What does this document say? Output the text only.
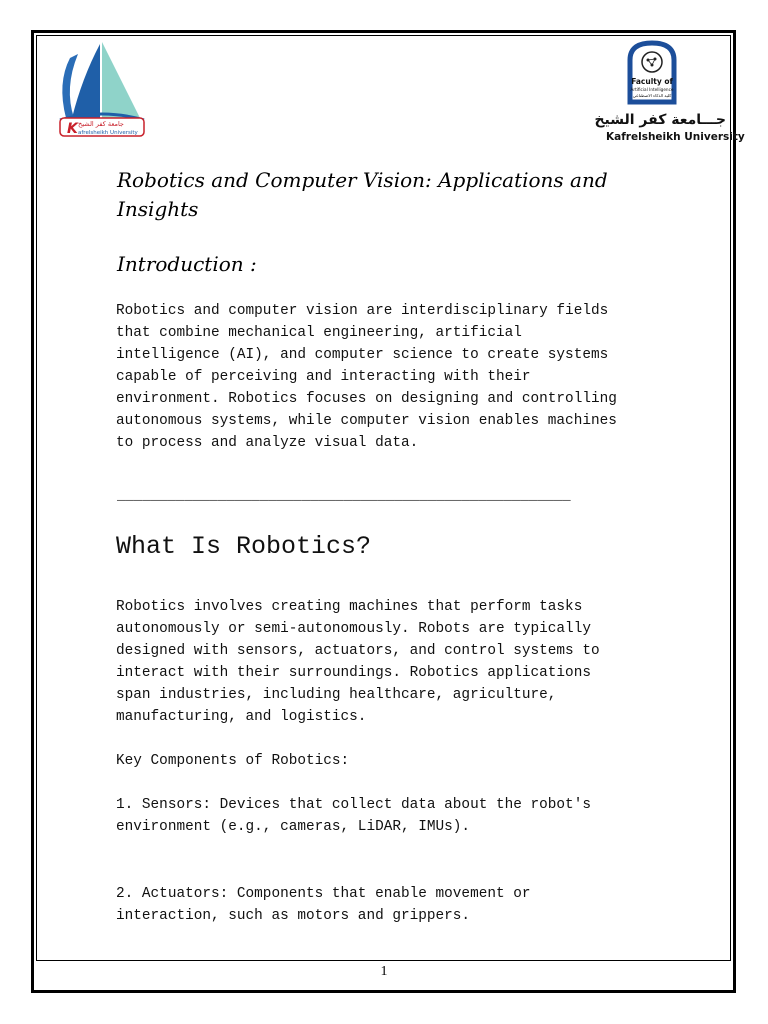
K جامعة كفر الشيخ
afrelsheikh University
Faculty of
Artificial Intelligence
كلية الذكاء الاصطناعي
جـــامعة كفر الشيخ
Kafrelsheikh University
Robotics and Computer Vision: Applications and Insights
Introduction :
Robotics and computer vision are interdisciplinary fields
that combine mechanical engineering, artificial
intelligence (AI), and computer science to create systems
capable of perceiving and interacting with their
environment. Robotics focuses on designing and controlling
autonomous systems, while computer vision enables machines
to process and analyze visual data.
______________________________________________________
What Is Robotics?
Robotics involves creating machines that perform tasks
autonomously or semi-autonomously. Robots are typically
designed with sensors, actuators, and control systems to
interact with their surroundings. Robotics applications
span industries, including healthcare, agriculture,
manufacturing, and logistics.
Key Components of Robotics:
1. Sensors: Devices that collect data about the robot's
environment (e.g., cameras, LiDAR, IMUs).
2. Actuators: Components that enable movement or
interaction, such as motors and grippers.
1
